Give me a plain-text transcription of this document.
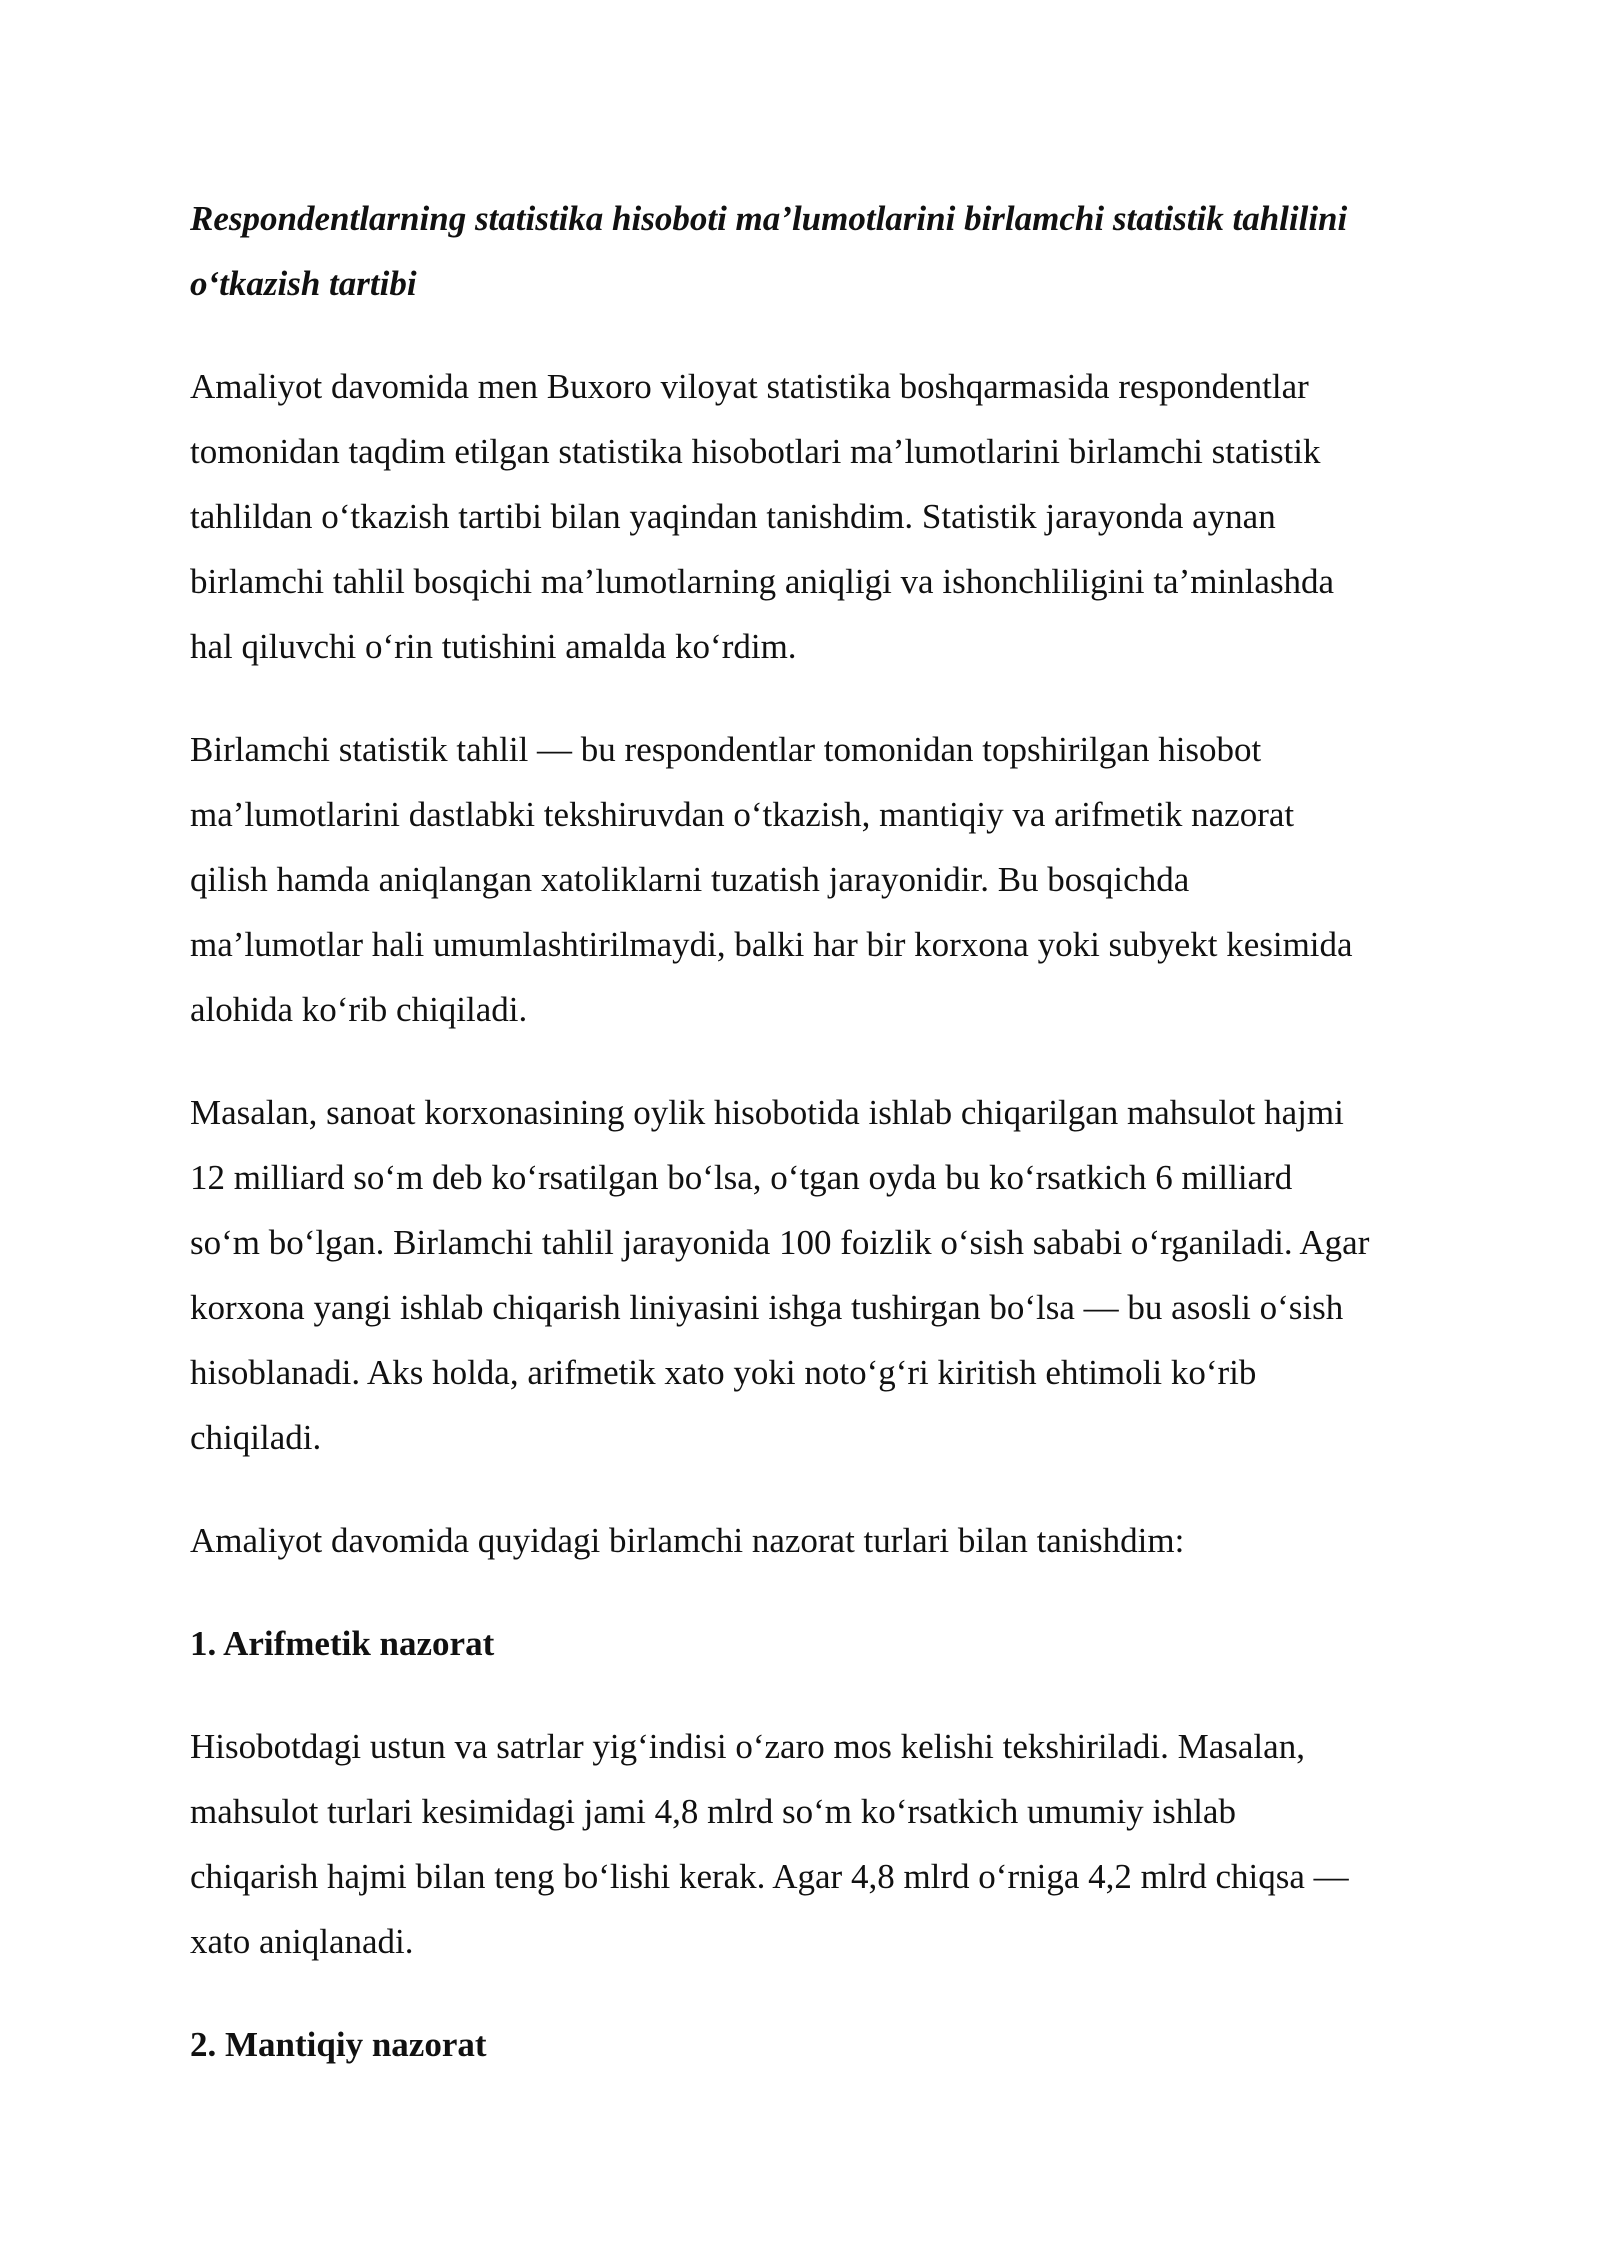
Respondentlarning statistika hisoboti ma’lumotlarini birlamchi statistik tahlilini o‘tkazish tartibi

Amaliyot davomida men Buxoro viloyat statistika boshqarmasida respondentlar tomonidan taqdim etilgan statistika hisobotlari ma’lumotlarini birlamchi statistik tahlildan o‘tkazish tartibi bilan yaqindan tanishdim. Statistik jarayonda aynan birlamchi tahlil bosqichi ma’lumotlarning aniqligi va ishonchliligini ta’minlashda hal qiluvchi o‘rin tutishini amalda ko‘rdim.

Birlamchi statistik tahlil — bu respondentlar tomonidan topshirilgan hisobot ma’lumotlarini dastlabki tekshiruvdan o‘tkazish, mantiqiy va arifmetik nazorat qilish hamda aniqlangan xatoliklarni tuzatish jarayonidir. Bu bosqichda ma’lumotlar hali umumlashtirilmaydi, balki har bir korxona yoki subyekt kesimida alohida ko‘rib chiqiladi.

Masalan, sanoat korxonasining oylik hisobotida ishlab chiqarilgan mahsulot hajmi 12 milliard so‘m deb ko‘rsatilgan bo‘lsa, o‘tgan oyda bu ko‘rsatkich 6 milliard so‘m bo‘lgan. Birlamchi tahlil jarayonida 100 foizlik o‘sish sababi o‘rganiladi. Agar korxona yangi ishlab chiqarish liniyasini ishga tushirgan bo‘lsa — bu asosli o‘sish hisoblanadi. Aks holda, arifmetik xato yoki noto‘g‘ri kiritish ehtimoli ko‘rib chiqiladi.

Amaliyot davomida quyidagi birlamchi nazorat turlari bilan tanishdim:

1. Arifmetik nazorat

Hisobotdagi ustun va satrlar yig‘indisi o‘zaro mos kelishi tekshiriladi. Masalan, mahsulot turlari kesimidagi jami 4,8 mlrd so‘m ko‘rsatkich umumiy ishlab chiqarish hajmi bilan teng bo‘lishi kerak. Agar 4,8 mlrd o‘rniga 4,2 mlrd chiqsa — xato aniqlanadi.

2. Mantiqiy nazorat
